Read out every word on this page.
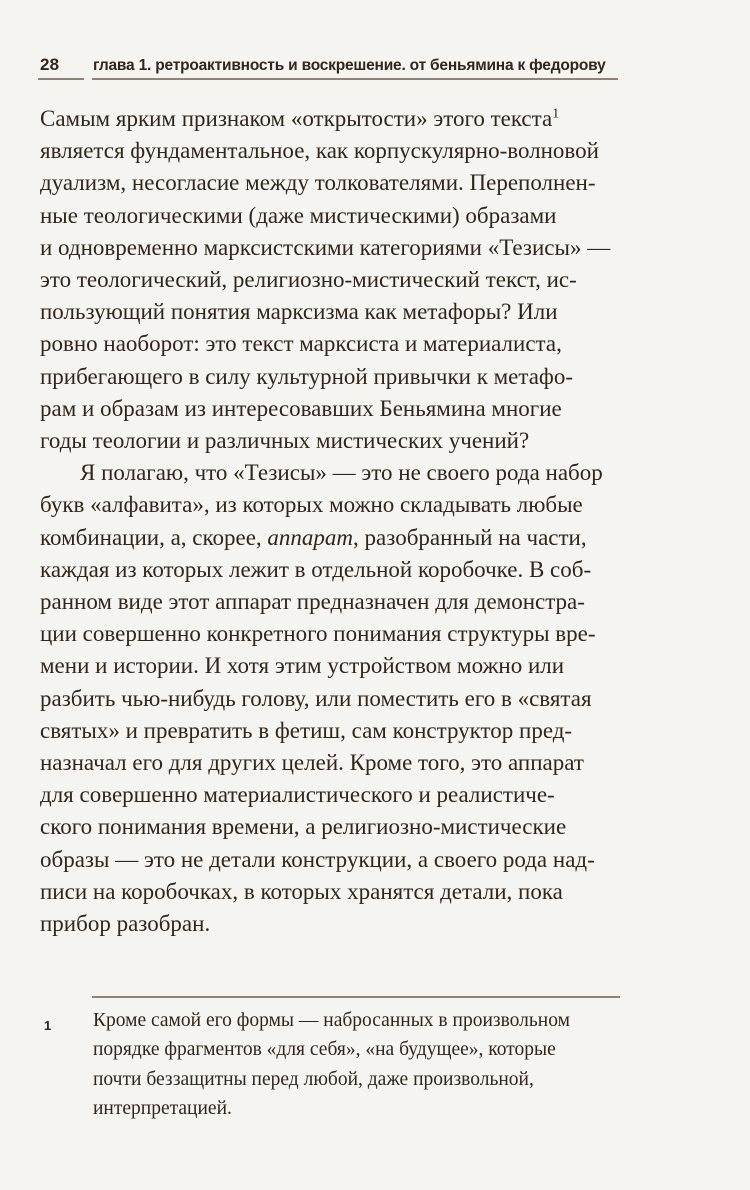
28 глава 1. ретроактивность и воскрешение. от беньямина к федорову
Самым ярким признаком «открытости» этого текста$^1$
является фундаментальное, как корпускулярно-волновой
дуализм, несогласие между толкователями. Переполнен-
ные теологическими (даже мистическими) образами
и одновременно марксистскими категориями «Тезисы» —
это теологический, религиозно-мистический текст, ис-
пользующий понятия марксизма как метафоры? Или
ровно наоборот: это текст марксиста и материалиста,
прибегающего в силу культурной привычки к метафо-
рам и образам из интересовавших Беньямина многие
годы теологии и различных мистических учений?
Я полагаю, что «Тезисы» — это не своего рода набор
букв «алфавита», из которых можно складывать любые
комбинации, а, скорее, аппарат, разобранный на части,
каждая из которых лежит в отдельной коробочке. В соб-
ранном виде этот аппарат предназначен для демонстра-
ции совершенно конкретного понимания структуры вре-
мени и истории. И хотя этим устройством можно или
разбить чью-нибудь голову, или поместить его в «святая
святых» и превратить в фетиш, сам конструктор пред-
назначал его для других целей. Кроме того, это аппарат
для совершенно материалистического и реалистиче-
ского понимания времени, а религиозно-мистические
образы — это не детали конструкции, а своего рода над-
писи на коробочках, в которых хранятся детали, пока
прибор разобран.
1 Кроме самой его формы — набросанных в произвольном
порядке фрагментов «для себя», «на будущее», которые
почти беззащитны перед любой, даже произвольной,
интерпретацией.
